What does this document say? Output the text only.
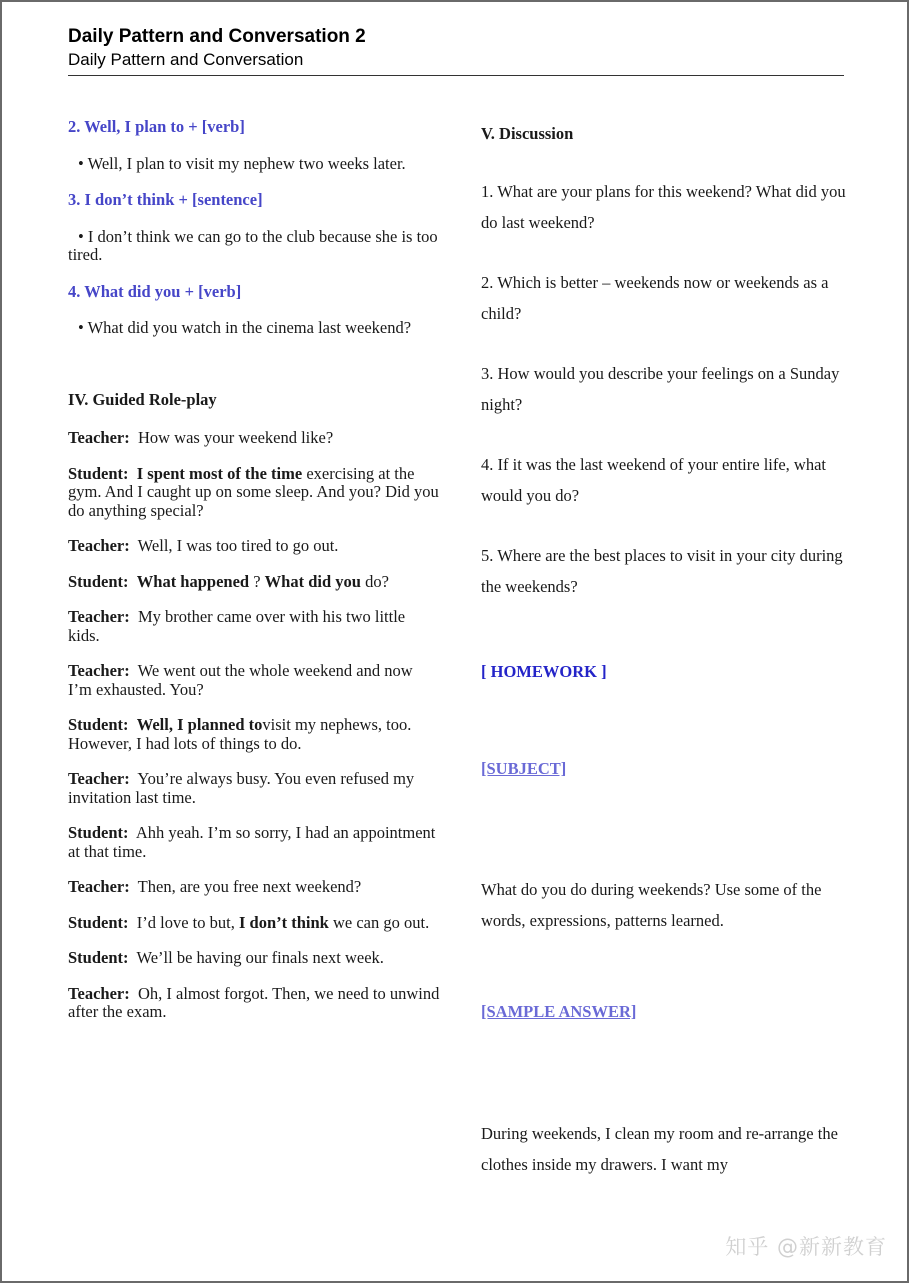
Daily Pattern and Conversation 2
Daily Pattern and Conversation

2. Well, I plan to + [verb]

• Well, I plan to visit my nephew two weeks later.

3. I don’t think + [sentence]

• I don’t think we can go to the club because she is too tired.

4. What did you + [verb]

• What did you watch in the cinema last weekend?

IV. Guided Role-play

Teacher: How was your weekend like?

Student: I spent most of the time exercising at the gym. And I caught up on some sleep. And you? Did you do anything special?

Teacher: Well, I was too tired to go out.

Student:  What happened ? What did you do?

Teacher: My brother came over with his two little kids.

Teacher: We went out the whole weekend and now I’m exhausted. You?

Student:  Well, I planned tovisit my nephews, too. However, I had lots of things to do.

Teacher: You’re always busy. You even refused my invitation last time.

Student: Ahh yeah. I’m so sorry, I had an appointment at that time.

Teacher: Then, are you free next weekend?

Student: I’d love to but, I don’t think we can go out.

Student: We’ll be having our finals next week.

Teacher: Oh, I almost forgot. Then, we need to unwind after the exam.

V. Discussion

1. What are your plans for this weekend? What did you do last weekend?

2. Which is better – weekends now or weekends as a child?

3. How would you describe your feelings on a Sunday night?

4. If it was the last weekend of your entire life, what would you do?

5. Where are the best places to visit in your city during the weekends?

[ HOMEWORK ]

[SUBJECT]

What do you do during weekends? Use some of the words, expressions, patterns learned.

[SAMPLE ANSWER]

During weekends, I clean my room and re-arrange the clothes inside my drawers. I want my

知乎 @新新教育
